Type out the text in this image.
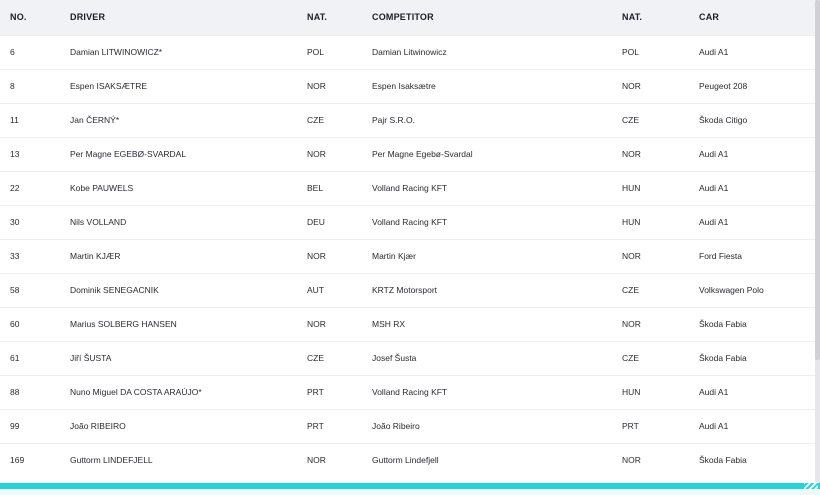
NO.	DRIVER	NAT.	COMPETITOR	NAT.	CAR
6	Damian LITWINOWICZ*	POL	Damian Litwinowicz	POL	Audi A1
8	Espen ISAKSÆTRE	NOR	Espen Isaksætre	NOR	Peugeot 208
11	Jan ČERNÝ*	CZE	Pajr S.R.O.	CZE	Škoda Citigo
13	Per Magne EGEBØ-SVARDAL	NOR	Per Magne Egebø-Svardal	NOR	Audi A1
22	Kobe PAUWELS	BEL	Volland Racing KFT	HUN	Audi A1
30	Nils VOLLAND	DEU	Volland Racing KFT	HUN	Audi A1
33	Martin KJÆR	NOR	Martin Kjær	NOR	Ford Fiesta
58	Dominik SENEGACNIK	AUT	KRTZ Motorsport	CZE	Volkswagen Polo
60	Marius SOLBERG HANSEN	NOR	MSH RX	NOR	Škoda Fabia
61	Jiří ŠUSTA	CZE	Josef Šusta	CZE	Škoda Fabia
88	Nuno Miguel DA COSTA ARAÚJO*	PRT	Volland Racing KFT	HUN	Audi A1
99	João RIBEIRO	PRT	João Ribeiro	PRT	Audi A1
169	Guttorm LINDEFJELL	NOR	Guttorm Lindefjell	NOR	Škoda Fabia
